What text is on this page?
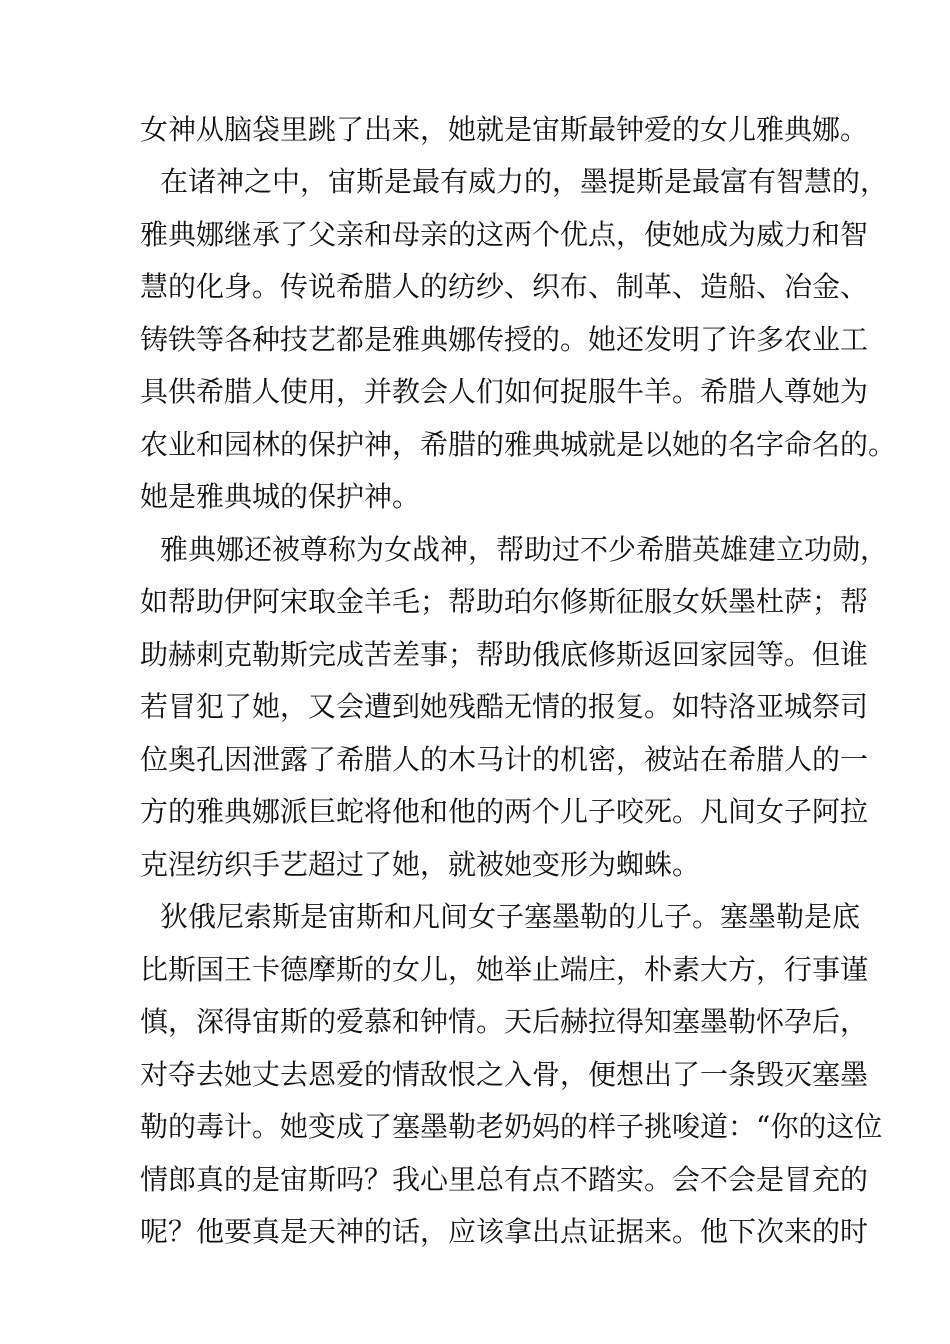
女神从脑袋里跳了出来，她就是宙斯最钟爱的女儿雅典娜。

在诸神之中，宙斯是最有威力的，墨提斯是最富有智慧的，

雅典娜继承了父亲和母亲的这两个优点，使她成为威力和智

慧的化身。传说希腊人的纺纱、织布、制革、造船、冶金、

铸铁等各种技艺都是雅典娜传授的。她还发明了许多农业工

具供希腊人使用，并教会人们如何捉服牛羊。希腊人尊她为

农业和园林的保护神，希腊的雅典城就是以她的名字命名的。

她是雅典城的保护神。

雅典娜还被尊称为女战神，帮助过不少希腊英雄建立功勋，

如帮助伊阿宋取金羊毛；帮助珀尔修斯征服女妖墨杜萨；帮

助赫刺克勒斯完成苦差事；帮助俄底修斯返回家园等。但谁

若冒犯了她，又会遭到她残酷无情的报复。如特洛亚城祭司

位奥孔因泄露了希腊人的木马计的机密，被站在希腊人的一

方的雅典娜派巨蛇将他和他的两个儿子咬死。凡间女子阿拉

克涅纺织手艺超过了她，就被她变形为蜘蛛。

狄俄尼索斯是宙斯和凡间女子塞墨勒的儿子。塞墨勒是底

比斯国王卡德摩斯的女儿，她举止端庄，朴素大方，行事谨

慎，深得宙斯的爱慕和钟情。天后赫拉得知塞墨勒怀孕后，

对夺去她丈去恩爱的情敌恨之入骨，便想出了一条毁灭塞墨

勒的毒计。她变成了塞墨勒老奶妈的样子挑唆道：“你的这位

情郎真的是宙斯吗？我心里总有点不踏实。会不会是冒充的

呢？他要真是天神的话，应该拿出点证据来。他下次来的时
